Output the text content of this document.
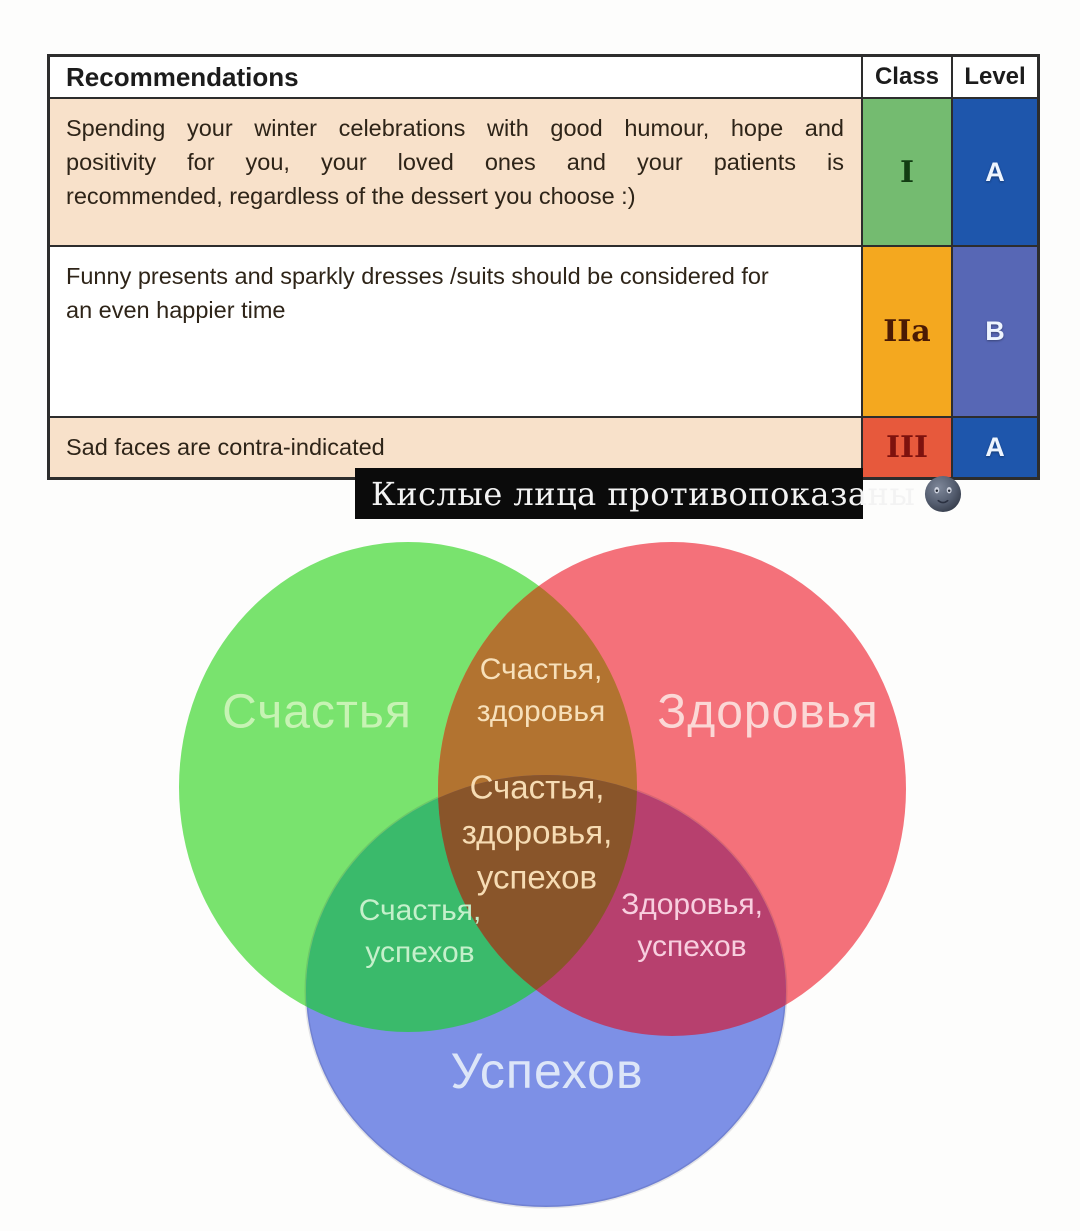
Счастья	Здоровья
Успехов
Счастья,
здоровья
Счастья,
здоровья,
успехов
Счастья,
успехов
Здоровья,
успехов
Recommendations	Class	Level
Spending your winter celebrations with good humour, hope and
positivity for you, your loved ones and your patients is
recommended, regardless of the dessert you choose :)
I	A
Funny presents and sparkly dresses /suits should be considered for
an even happier time
IIa	B
Sad faces are contra-indicated	III	A
Кислые лица противопоказаны
